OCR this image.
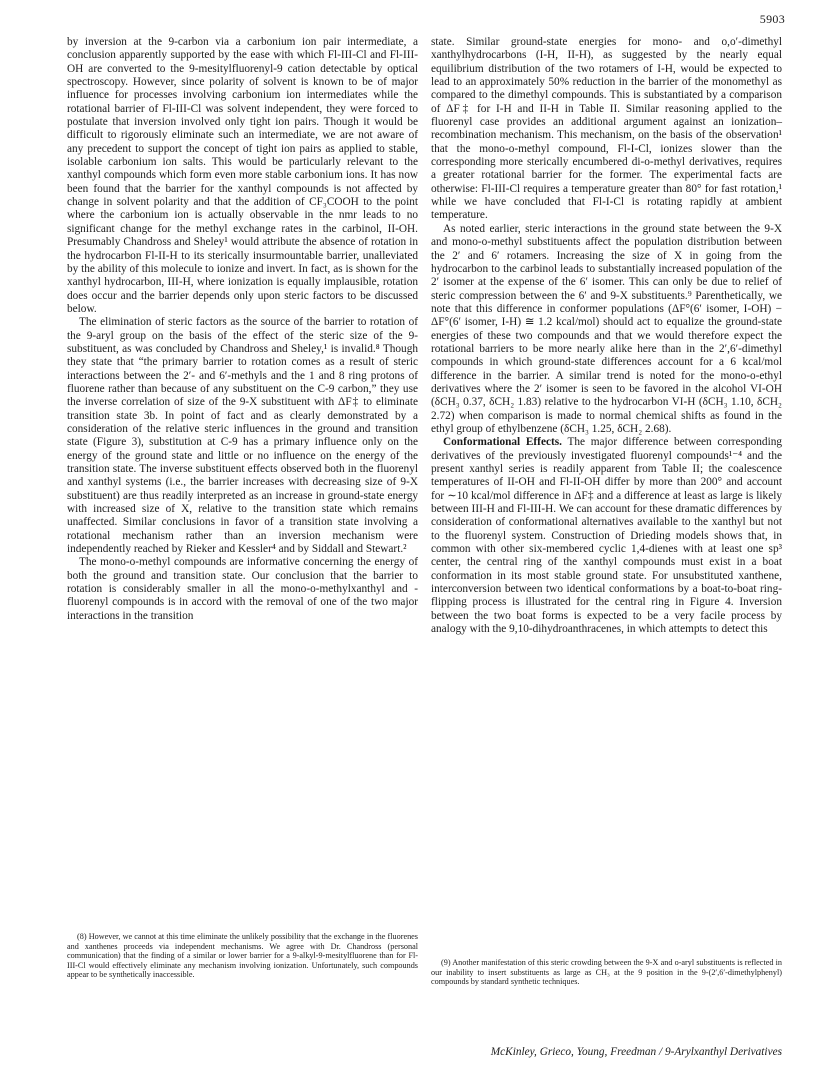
5903

by inversion at the 9-carbon via a carbonium ion pair intermediate, a conclusion apparently supported by the ease with which Fl-III-Cl and Fl-III-OH are converted to the 9-mesitylfluorenyl-9 cation detectable by optical spectroscopy. However, since polarity of solvent is known to be of major influence for processes involving carbonium ion intermediates while the rotational barrier of Fl-III-Cl was solvent independent, they were forced to postulate that inversion involved only tight ion pairs. Though it would be difficult to rigorously eliminate such an intermediate, we are not aware of any precedent to support the concept of tight ion pairs as applied to stable, isolable carbonium ion salts. This would be particularly relevant to the xanthyl compounds which form even more stable carbonium ions. It has now been found that the barrier for the xanthyl compounds is not affected by change in solvent polarity and that the addition of CF₃COOH to the point where the carbonium ion is actually observable in the nmr leads to no significant change for the methyl exchange rates in the carbinol, II-OH. Presumably Chandross and Sheley¹ would attribute the absence of rotation in the hydrocarbon Fl-II-H to its sterically insurmountable barrier, unalleviated by the ability of this molecule to ionize and invert. In fact, as is shown for the xanthyl hydrocarbon, III-H, where ionization is equally implausible, rotation does occur and the barrier depends only upon steric factors to be discussed below.

The elimination of steric factors as the source of the barrier to rotation of the 9-aryl group on the basis of the effect of the steric size of the 9-substituent, as was concluded by Chandross and Sheley,¹ is invalid.⁸ Though they state that “the primary barrier to rotation comes as a result of steric interactions between the 2′- and 6′-methyls and the 1 and 8 ring protons of fluorene rather than because of any substituent on the C-9 carbon,” they use the inverse correlation of size of the 9-X substituent with ΔF‡ to eliminate transition state 3b. In point of fact and as clearly demonstrated by a consideration of the relative steric influences in the ground and transition state (Figure 3), substitution at C-9 has a primary influence only on the energy of the ground state and little or no influence on the energy of the transition state. The inverse substituent effects observed both in the fluorenyl and xanthyl systems (i.e., the barrier increases with decreasing size of 9-X substituent) are thus readily interpreted as an increase in ground-state energy with increased size of X, relative to the transition state which remains unaffected. Similar conclusions in favor of a transition state involving a rotational mechanism rather than an inversion mechanism were independently reached by Rieker and Kessler⁴ and by Siddall and Stewart.²

The mono-o-methyl compounds are informative concerning the energy of both the ground and transition state. Our conclusion that the barrier to rotation is considerably smaller in all the mono-o-methylxanthyl and -fluorenyl compounds is in accord with the removal of one of the two major interactions in the transition

state. Similar ground-state energies for mono- and o,o′-dimethyl xanthylhydrocarbons (I-H, II-H), as suggested by the nearly equal equilibrium distribution of the two rotamers of I-H, would be expected to lead to an approximately 50% reduction in the barrier of the monomethyl as compared to the dimethyl compounds. This is substantiated by a comparison of ΔF‡ for I-H and II-H in Table II. Similar reasoning applied to the fluorenyl case provides an additional argument against an ionization–recombination mechanism. This mechanism, on the basis of the observation¹ that the mono-o-methyl compound, Fl-I-Cl, ionizes slower than the corresponding more sterically encumbered di-o-methyl derivatives, requires a greater rotational barrier for the former. The experimental facts are otherwise: Fl-III-Cl requires a temperature greater than 80° for fast rotation,¹ while we have concluded that Fl-I-Cl is rotating rapidly at ambient temperature.

As noted earlier, steric interactions in the ground state between the 9-X and mono-o-methyl substituents affect the population distribution between the 2′ and 6′ rotamers. Increasing the size of X in going from the hydrocarbon to the carbinol leads to substantially increased population of the 2′ isomer at the expense of the 6′ isomer. This can only be due to relief of steric compression between the 6′ and 9-X substituents.⁹ Parenthetically, we note that this difference in conformer populations (ΔF°(6′ isomer, I-OH) − ΔF°(6′ isomer, I-H) ≅ 1.2 kcal/mol) should act to equalize the ground-state energies of these two compounds and that we would therefore expect the rotational barriers to be more nearly alike here than in the 2′,6′-dimethyl compounds in which ground-state differences account for a 6 kcal/mol difference in the barrier. A similar trend is noted for the mono-o-ethyl derivatives where the 2′ isomer is seen to be favored in the alcohol VI-OH (δCH₃ 0.37, δCH₂ 1.83) relative to the hydrocarbon VI-H (δCH₃ 1.10, δCH₂ 2.72) when comparison is made to normal chemical shifts as found in the ethyl group of ethylbenzene (δCH₃ 1.25, δCH₂ 2.68).

Conformational Effects. The major difference between corresponding derivatives of the previously investigated fluorenyl compounds¹⁻⁴ and the present xanthyl series is readily apparent from Table II; the coalescence temperatures of II-OH and Fl-II-OH differ by more than 200° and account for ∼10 kcal/mol difference in ΔF‡ and a difference at least as large is likely between III-H and Fl-III-H. We can account for these dramatic differences by consideration of conformational alternatives available to the xanthyl but not to the fluorenyl system. Construction of Drieding models shows that, in common with other six-membered cyclic 1,4-dienes with at least one sp³ center, the central ring of the xanthyl compounds must exist in a boat conformation in its most stable ground state. For unsubstituted xanthene, interconversion between two identical conformations by a boat-to-boat ring-flipping process is illustrated for the central ring in Figure 4. Inversion between the two boat forms is expected to be a very facile process by analogy with the 9,10-dihydroanthracenes, in which attempts to detect this

(8) However, we cannot at this time eliminate the unlikely possibility that the exchange in the fluorenes and xanthenes proceeds via independent mechanisms. We agree with Dr. Chandross (personal communication) that the finding of a similar or lower barrier for a 9-alkyl-9-mesitylfluorene than for Fl-III-Cl would effectively eliminate any mechanism involving ionization. Unfortunately, such compounds appear to be synthetically inaccessible.

(9) Another manifestation of this steric crowding between the 9-X and o-aryl substituents is reflected in our inability to insert substituents as large as CH₃ at the 9 position in the 9-(2′,6′-dimethylphenyl) compounds by standard synthetic techniques.

McKinley, Grieco, Young, Freedman / 9-Arylxanthyl Derivatives
